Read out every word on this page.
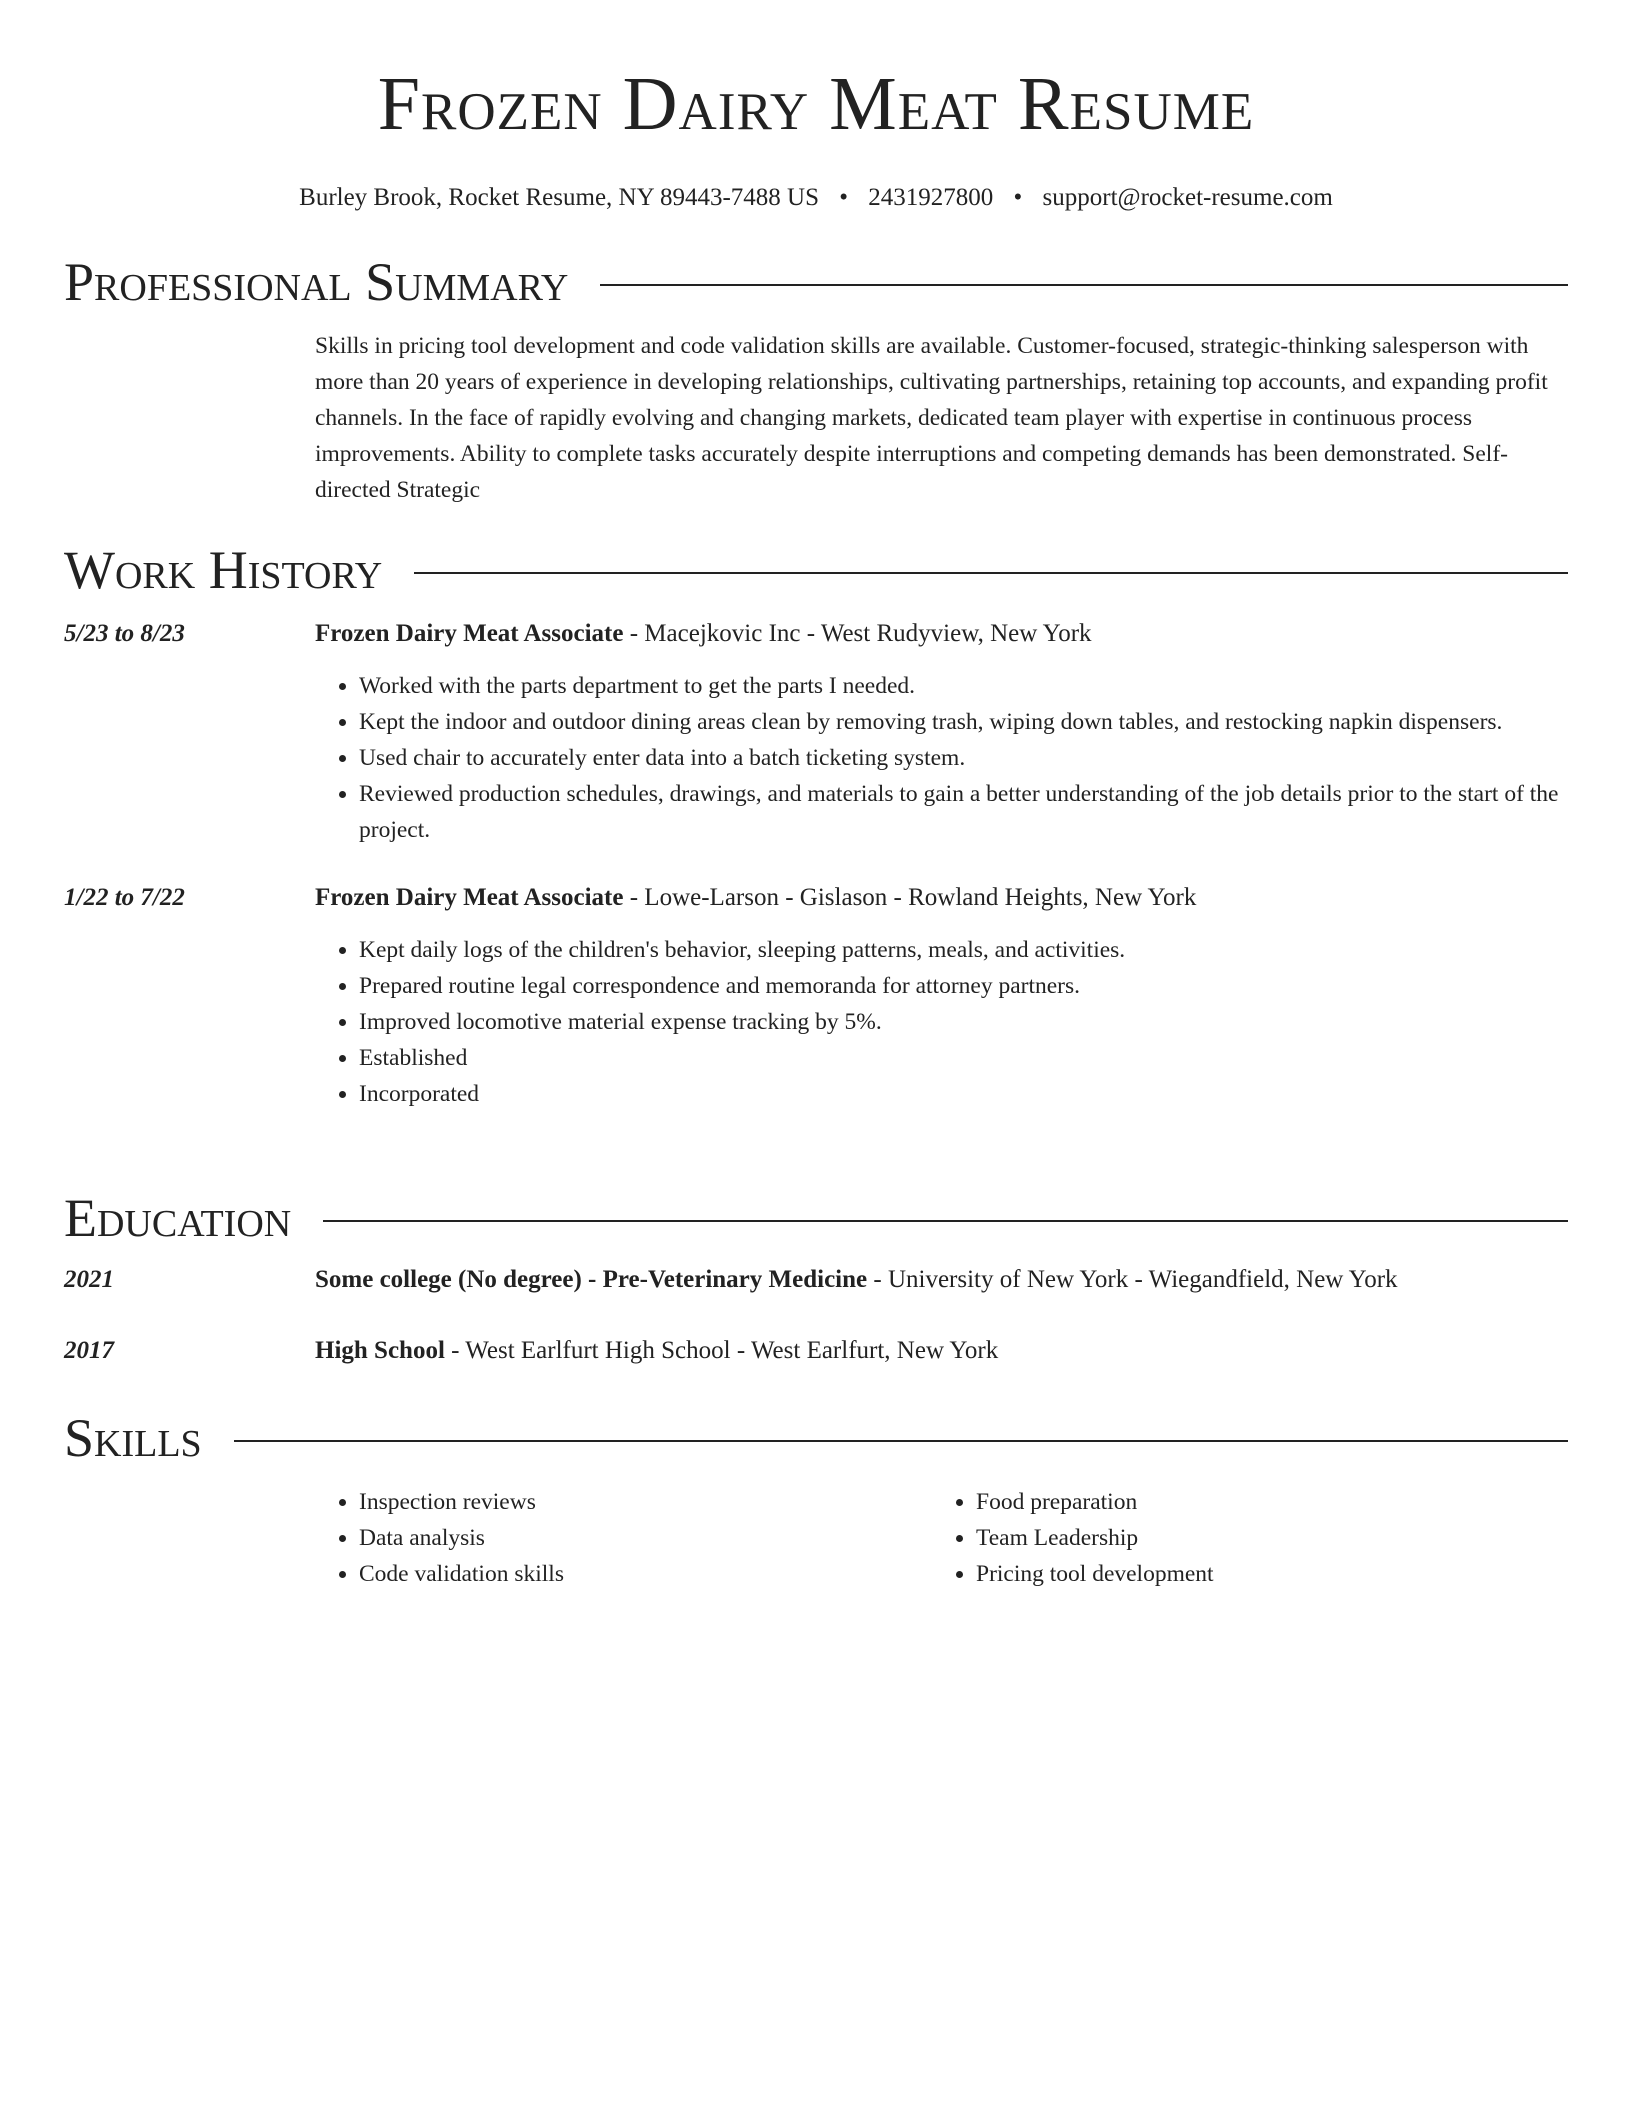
Frozen Dairy Meat Resume
Burley Brook, Rocket Resume, NY 89443-7488 US • 2431927800 • support@rocket-resume.com
Professional Summary
Skills in pricing tool development and code validation skills are available. Customer-focused, strategic-thinking salesperson with more than 20 years of experience in developing relationships, cultivating partnerships, retaining top accounts, and expanding profit channels. In the face of rapidly evolving and changing markets, dedicated team player with expertise in continuous process improvements. Ability to complete tasks accurately despite interruptions and competing demands has been demonstrated. Self-directed Strategic
Work History
5/23 to 8/23	Frozen Dairy Meat Associate - Macejkovic Inc - West Rudyview, New York
• Worked with the parts department to get the parts I needed.
• Kept the indoor and outdoor dining areas clean by removing trash, wiping down tables, and restocking napkin dispensers.
• Used chair to accurately enter data into a batch ticketing system.
• Reviewed production schedules, drawings, and materials to gain a better understanding of the job details prior to the start of the project.
1/22 to 7/22	Frozen Dairy Meat Associate - Lowe-Larson - Gislason - Rowland Heights, New York
• Kept daily logs of the children's behavior, sleeping patterns, meals, and activities.
• Prepared routine legal correspondence and memoranda for attorney partners.
• Improved locomotive material expense tracking by 5%.
• Established
• Incorporated
Education
2021	Some college (No degree) - Pre-Veterinary Medicine - University of New York - Wiegandfield, New York
2017	High School - West Earlfurt High School - West Earlfurt, New York
Skills
• Inspection reviews
• Data analysis
• Code validation skills
• Food preparation
• Team Leadership
• Pricing tool development
